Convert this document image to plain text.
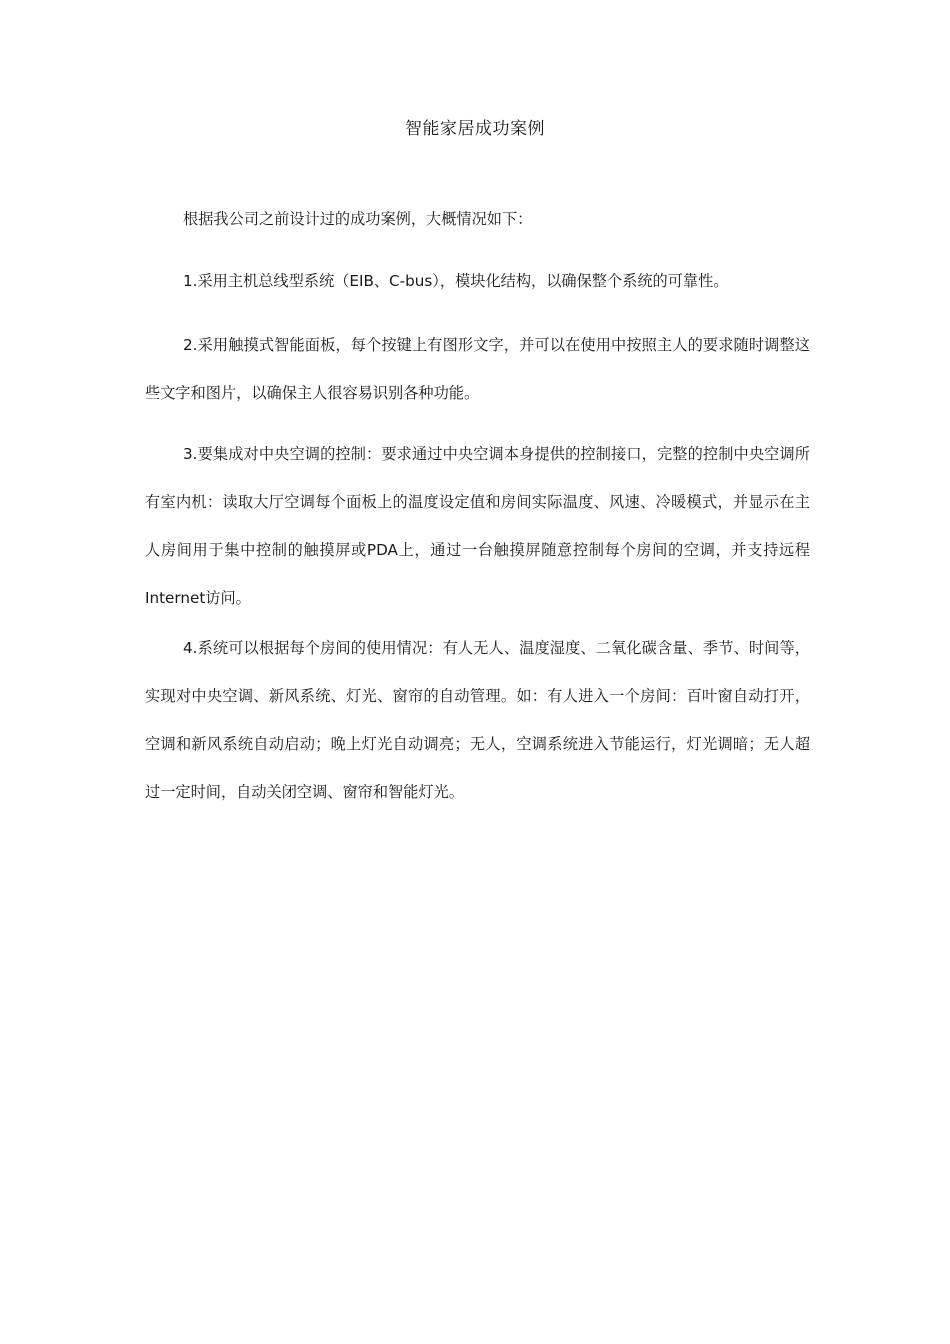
智能家居成功案例

根据我公司之前设计过的成功案例，大概情况如下：

1.采用主机总线型系统（EIB、C-bus），模块化结构，以确保整个系统的可靠性。

2.采用触摸式智能面板，每个按键上有图形文字，并可以在使用中按照主人的要求随时调整这些文字和图片，以确保主人很容易识别各种功能。

3.要集成对中央空调的控制：要求通过中央空调本身提供的控制接口，完整的控制中央空调所有室内机：读取大厅空调每个面板上的温度设定值和房间实际温度、风速、冷暖模式，并显示在主人房间用于集中控制的触摸屏或PDA上，通过一台触摸屏随意控制每个房间的空调，并支持远程Internet访问。

4.系统可以根据每个房间的使用情况：有人无人、温度湿度、二氧化碳含量、季节、时间等，实现对中央空调、新风系统、灯光、窗帘的自动管理。如：有人进入一个房间：百叶窗自动打开，空调和新风系统自动启动；晚上灯光自动调亮；无人，空调系统进入节能运行，灯光调暗；无人超过一定时间，自动关闭空调、窗帘和智能灯光。
